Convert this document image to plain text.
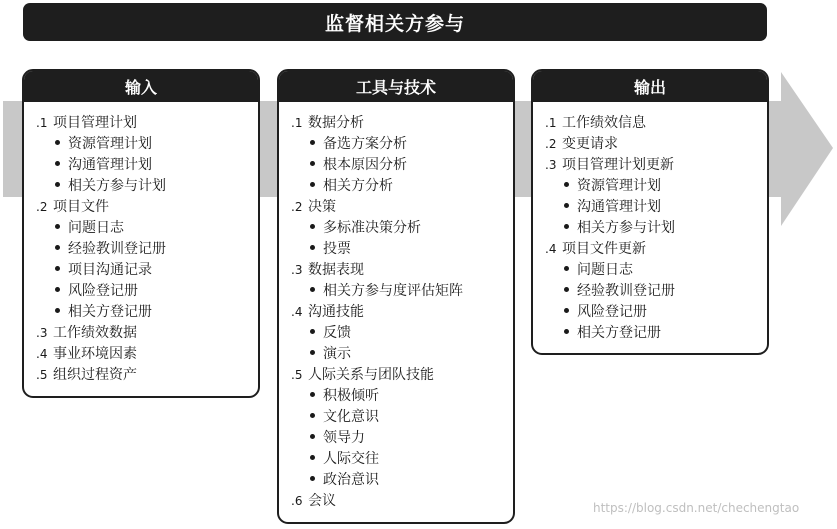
监督相关方参与
输入
.1 项目管理计划
资源管理计划
沟通管理计划
相关方参与计划
.2 项目文件
问题日志
经验教训登记册
项目沟通记录
风险登记册
相关方登记册
.3 工作绩效数据
.4 事业环境因素
.5 组织过程资产
工具与技术
.1 数据分析
备选方案分析
根本原因分析
相关方分析
.2 决策
多标准决策分析
投票
.3 数据表现
相关方参与度评估矩阵
.4 沟通技能
反馈
演示
.5 人际关系与团队技能
积极倾听
文化意识
领导力
人际交往
政治意识
.6 会议
输出
.1 工作绩效信息
.2 变更请求
.3 项目管理计划更新
资源管理计划
沟通管理计划
相关方参与计划
.4 项目文件更新
问题日志
经验教训登记册
风险登记册
相关方登记册
https://blog.csdn.net/chechengtao
